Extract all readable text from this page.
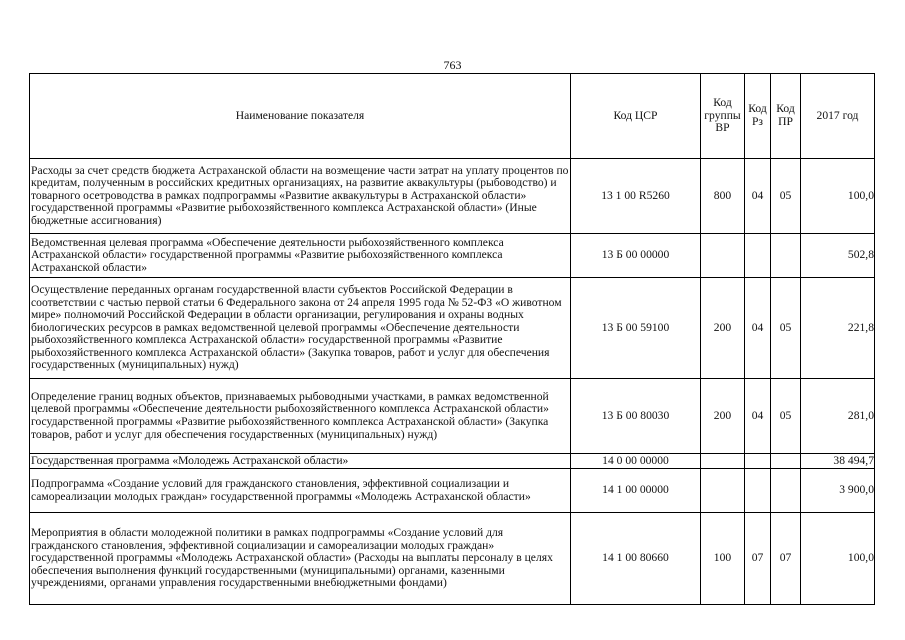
763
Наименование показателя	Код ЦСР	Код группы ВР	Код Рз	Код ПР	2017 год
Расходы за счет средств бюджета Астраханской области на возмещение части затрат на уплату процентов по кредитам, полученным в российских кредитных организациях, на развитие аквакультуры (рыбоводство) и товарного осетроводства в рамках подпрограммы «Развитие аквакультуры в Астраханской области» государственной программы «Развитие рыбохозяйственного комплекса Астраханской области» (Иные бюджетные ассигнования)	13 1 00 R5260	800	04	05	100,0
Ведомственная целевая программа «Обеспечение деятельности рыбохозяйственного комплекса Астраханской области» государственной программы «Развитие рыбохозяйственного комплекса Астраханской области»	13 Б 00 00000				502,8
Осуществление переданных органам государственной власти субъектов Российской Федерации в соответствии с частью первой статьи 6 Федерального закона от 24 апреля 1995 года № 52-ФЗ «О животном мире» полномочий Российской Федерации в области организации, регулирования и охраны водных биологических ресурсов в рамках ведомственной целевой программы «Обеспечение деятельности рыбохозяйственного комплекса Астраханской области» государственной программы «Развитие рыбохозяйственного комплекса Астраханской области» (Закупка товаров, работ и услуг для обеспечения государственных (муниципальных) нужд)	13 Б 00 59100	200	04	05	221,8
Определение границ водных объектов, признаваемых рыбоводными участками, в рамках ведомственной целевой программы «Обеспечение деятельности рыбохозяйственного комплекса Астраханской области» государственной программы «Развитие рыбохозяйственного комплекса Астраханской области» (Закупка товаров, работ и услуг для обеспечения государственных (муниципальных) нужд)	13 Б 00 80030	200	04	05	281,0
Государственная программа «Молодежь Астраханской области»	14 0 00 00000				38 494,7
Подпрограмма «Создание условий для гражданского становления, эффективной социализации и самореализации молодых граждан» государственной программы «Молодежь Астраханской области»	14 1 00 00000				3 900,0
Мероприятия в области молодежной политики в рамках подпрограммы «Создание условий для гражданского становления, эффективной социализации и самореализации молодых граждан» государственной программы «Молодежь Астраханской области» (Расходы на выплаты персоналу в целях обеспечения выполнения функций государственными (муниципальными) органами, казенными учреждениями, органами управления государственными внебюджетными фондами)	14 1 00 80660	100	07	07	100,0
